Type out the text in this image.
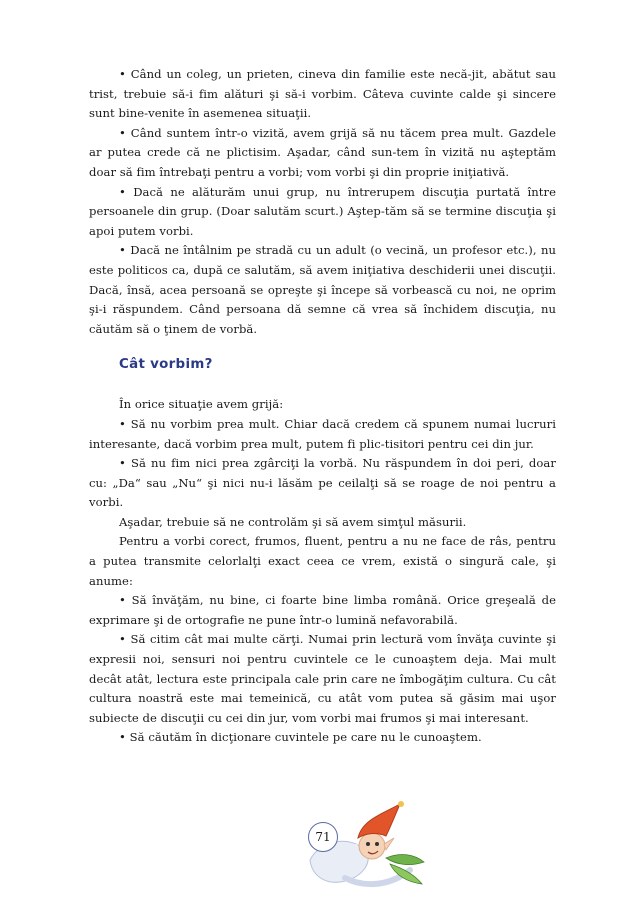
• Când un coleg, un prieten, cineva din familie este necă-jit, abătut sau trist, trebuie să-i fim alături şi să-i vorbim. Câteva cuvinte calde şi sincere sunt bine-venite în asemenea situaţii.

• Când suntem într-o vizită, avem grijă să nu tăcem prea mult. Gazdele ar putea crede că ne plictisim. Aşadar, când sun-tem în vizită nu aşteptăm doar să fim întrebaţi pentru a vorbi; vom vorbi şi din proprie iniţiativă.

• Dacă ne alăturăm unui grup, nu întrerupem discuţia purtată între persoanele din grup. (Doar salutăm scurt.) Aştep-tăm să se termine discuţia şi apoi putem vorbi.

• Dacă ne întâlnim pe stradă cu un adult (o vecină, un profesor etc.), nu este politicos ca, după ce salutăm, să avem iniţiativa deschiderii unei discuţii. Dacă, însă, acea persoană se opreşte şi începe să vorbească cu noi, ne oprim şi-i răspundem. Când persoana dă semne că vrea să închidem discuţia, nu căutăm să o ţinem de vorbă.

Cât vorbim?

În orice situaţie avem grijă:

• Să nu vorbim prea mult. Chiar dacă credem că spunem numai lucruri interesante, dacă vorbim prea mult, putem fi plic-tisitori pentru cei din jur.

• Să nu fim nici prea zgârciţi la vorbă. Nu răspundem în doi peri, doar cu: „Da“ sau „Nu“ şi nici nu-i lăsăm pe ceilalţi să se roage de noi pentru a vorbi.

Aşadar, trebuie să ne controlăm şi să avem simţul măsurii.

Pentru a vorbi corect, frumos, fluent, pentru a nu ne face de râs, pentru a putea transmite celorlalţi exact ceea ce vrem, există o singură cale, şi anume:

• Să învăţăm, nu bine, ci foarte bine limba română. Orice greşeală de exprimare şi de ortografie ne pune într-o lumină nefavorabilă.

• Să citim cât mai multe cărţi. Numai prin lectură vom învăţa cuvinte şi expresii noi, sensuri noi pentru cuvintele ce le cunoaştem deja. Mai mult decât atât, lectura este principala cale prin care ne îmbogăţim cultura. Cu cât cultura noastră este mai temeinică, cu atât vom putea să găsim mai uşor subiecte de discuţii cu cei din jur, vom vorbi mai frumos şi mai interesant.

• Să căutăm în dicţionare cuvintele pe care nu le cunoaştem.

71
